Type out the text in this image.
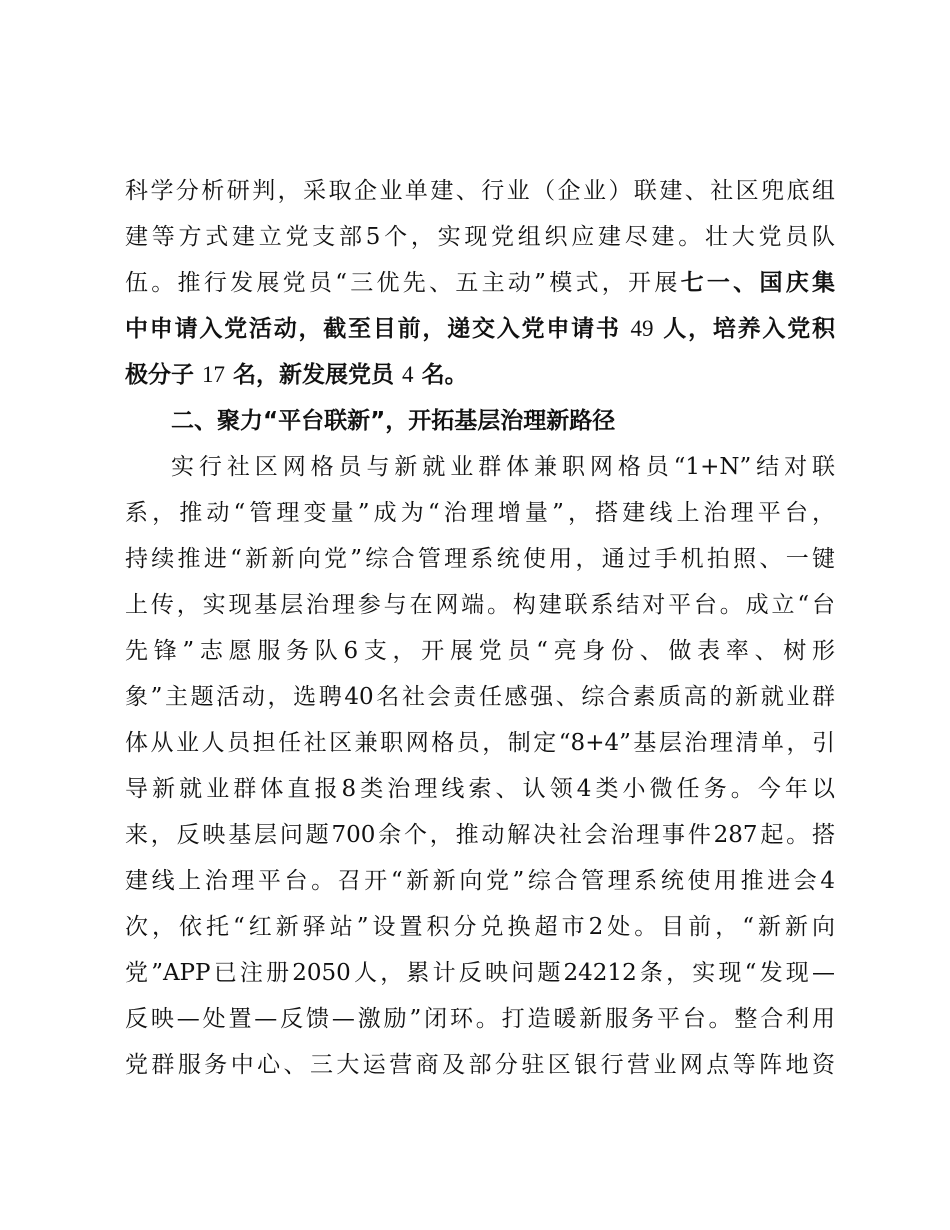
科学分析研判，采取企业单建、行业（企业）联建、社区兜底组
建等方式建立党支部5个，实现党组织应建尽建。壮大党员队
伍。推行发展党员“三优先、五主动”模式，开展七一、国庆集
中申请入党活动，截至目前，递交入党申请书 49 人，培养入党积
极分子 17 名，新发展党员 4 名。
二、聚力“平台联新”，开拓基层治理新路径
实行社区网格员与新就业群体兼职网格员“1+N”结对联
系，推动“管理变量”成为“治理增量”，搭建线上治理平台，
持续推进“新新向党”综合管理系统使用，通过手机拍照、一键
上传，实现基层治理参与在网端。构建联系结对平台。成立“台
先锋”志愿服务队6支，开展党员“亮身份、做表率、树形
象”主题活动，选聘40名社会责任感强、综合素质高的新就业群
体从业人员担任社区兼职网格员，制定“8+4”基层治理清单，引
导新就业群体直报8类治理线索、认领4类小微任务。今年以
来，反映基层问题700余个，推动解决社会治理事件287起。搭
建线上治理平台。召开“新新向党”综合管理系统使用推进会4
次，依托“红新驿站”设置积分兑换超市2处。目前，“新新向
党”APP已注册2050人，累计反映问题24212条，实现“发现—
反映—处置—反馈—激励”闭环。打造暖新服务平台。整合利用
党群服务中心、三大运营商及部分驻区银行营业网点等阵地资
